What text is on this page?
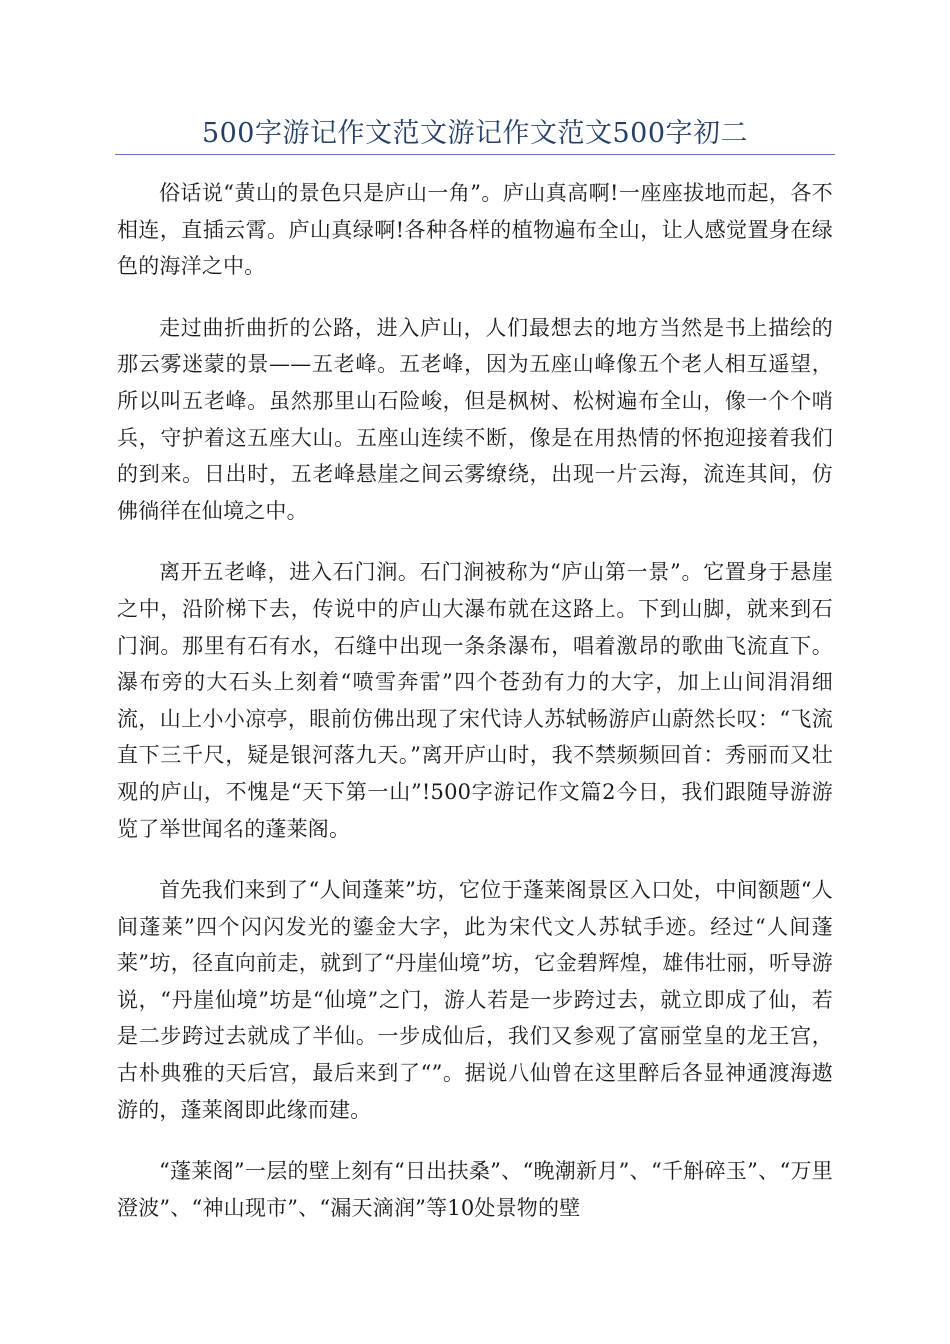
500字游记作文范文游记作文范文500字初二

俗话说“黄山的景色只是庐山一角”。庐山真高啊!一座座拔地而起，各不相连，直插云霄。庐山真绿啊!各种各样的植物遍布全山，让人感觉置身在绿色的海洋之中。

走过曲折曲折的公路，进入庐山，人们最想去的地方当然是书上描绘的那云雾迷蒙的景——五老峰。五老峰，因为五座山峰像五个老人相互遥望，所以叫五老峰。虽然那里山石险峻，但是枫树、松树遍布全山，像一个个哨兵，守护着这五座大山。五座山连续不断，像是在用热情的怀抱迎接着我们的到来。日出时，五老峰悬崖之间云雾缭绕，出现一片云海，流连其间，仿佛徜徉在仙境之中。

离开五老峰，进入石门涧。石门涧被称为“庐山第一景”。它置身于悬崖之中，沿阶梯下去，传说中的庐山大瀑布就在这路上。下到山脚，就来到石门涧。那里有石有水，石缝中出现一条条瀑布，唱着激昂的歌曲飞流直下。瀑布旁的大石头上刻着“喷雪奔雷”四个苍劲有力的大字，加上山间涓涓细流，山上小小凉亭，眼前仿佛出现了宋代诗人苏轼畅游庐山蔚然长叹：“飞流直下三千尺，疑是银河落九天。”离开庐山时，我不禁频频回首：秀丽而又壮观的庐山，不愧是“天下第一山”!500字游记作文篇2今日，我们跟随导游游览了举世闻名的蓬莱阁。

首先我们来到了“人间蓬莱”坊，它位于蓬莱阁景区入口处，中间额题“人间蓬莱”四个闪闪发光的鎏金大字，此为宋代文人苏轼手迹。经过“人间蓬莱”坊，径直向前走，就到了“丹崖仙境”坊，它金碧辉煌，雄伟壮丽，听导游说，“丹崖仙境”坊是“仙境”之门，游人若是一步跨过去，就立即成了仙，若是二步跨过去就成了半仙。一步成仙后，我们又参观了富丽堂皇的龙王宫，古朴典雅的天后宫，最后来到了“”。据说八仙曾在这里醉后各显神通渡海遨游的，蓬莱阁即此缘而建。

“蓬莱阁”一层的壁上刻有“日出扶桑”、“晚潮新月”、“千斛碎玉”、“万里澄波”、“神山现市”、“漏天滴润”等10处景物的壁
